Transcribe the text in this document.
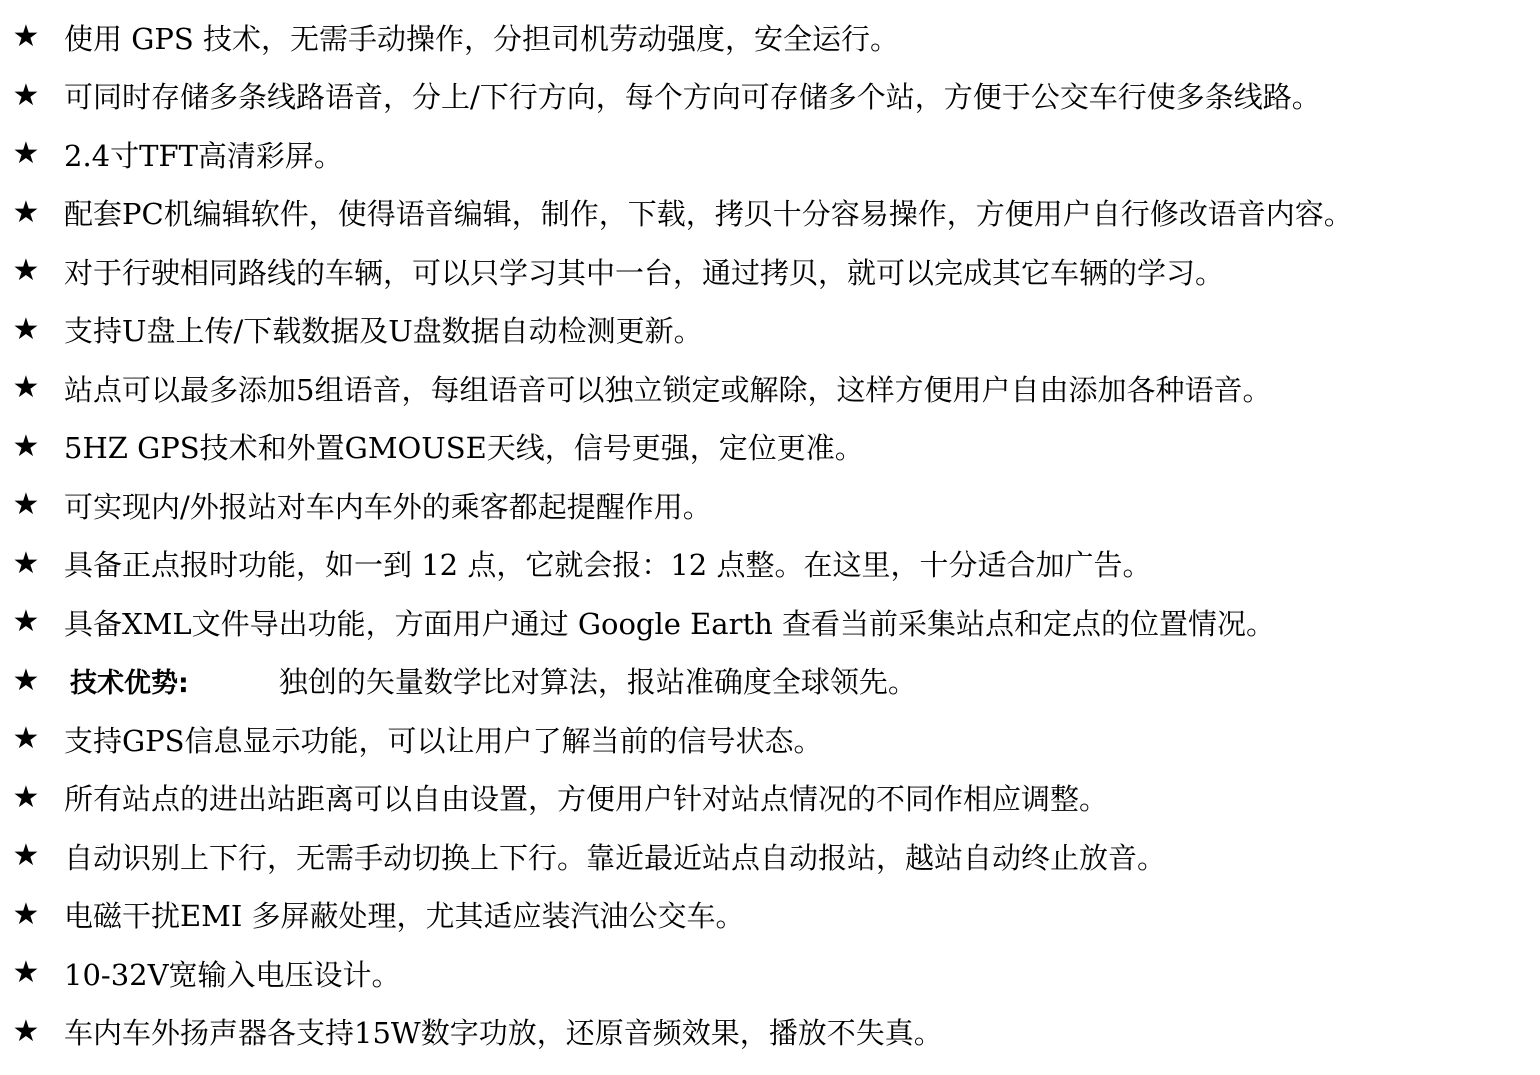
★ 使用 GPS 技术，无需手动操作，分担司机劳动强度，安全运行。
★ 可同时存储多条线路语音，分上/下行方向，每个方向可存储多个站，方便于公交车行使多条线路。
★ 2.4寸TFT高清彩屏。
★ 配套PC机编辑软件，使得语音编辑，制作，下载，拷贝十分容易操作，方便用户自行修改语音内容。
★ 对于行驶相同路线的车辆，可以只学习其中一台，通过拷贝，就可以完成其它车辆的学习。
★ 支持U盘上传/下载数据及U盘数据自动检测更新。
★ 站点可以最多添加5组语音，每组语音可以独立锁定或解除，这样方便用户自由添加各种语音。
★ 5HZ GPS技术和外置GMOUSE天线，信号更强，定位更准。
★ 可实现内/外报站对车内车外的乘客都起提醒作用。
★ 具备正点报时功能，如一到 12 点，它就会报：12 点整。在这里，十分适合加广告。
★ 具备XML文件导出功能，方面用户通过 Google Earth 查看当前采集站点和定点的位置情况。
★ 技术优势:	独创的矢量数学比对算法，报站准确度全球领先。
★ 支持GPS信息显示功能，可以让用户了解当前的信号状态。
★ 所有站点的进出站距离可以自由设置，方便用户针对站点情况的不同作相应调整。
★ 自动识别上下行，无需手动切换上下行。靠近最近站点自动报站，越站自动终止放音。
★ 电磁干扰EMI 多屏蔽处理，尤其适应装汽油公交车。
★ 10-32V宽输入电压设计。
★ 车内车外扬声器各支持15W数字功放，还原音频效果，播放不失真。
